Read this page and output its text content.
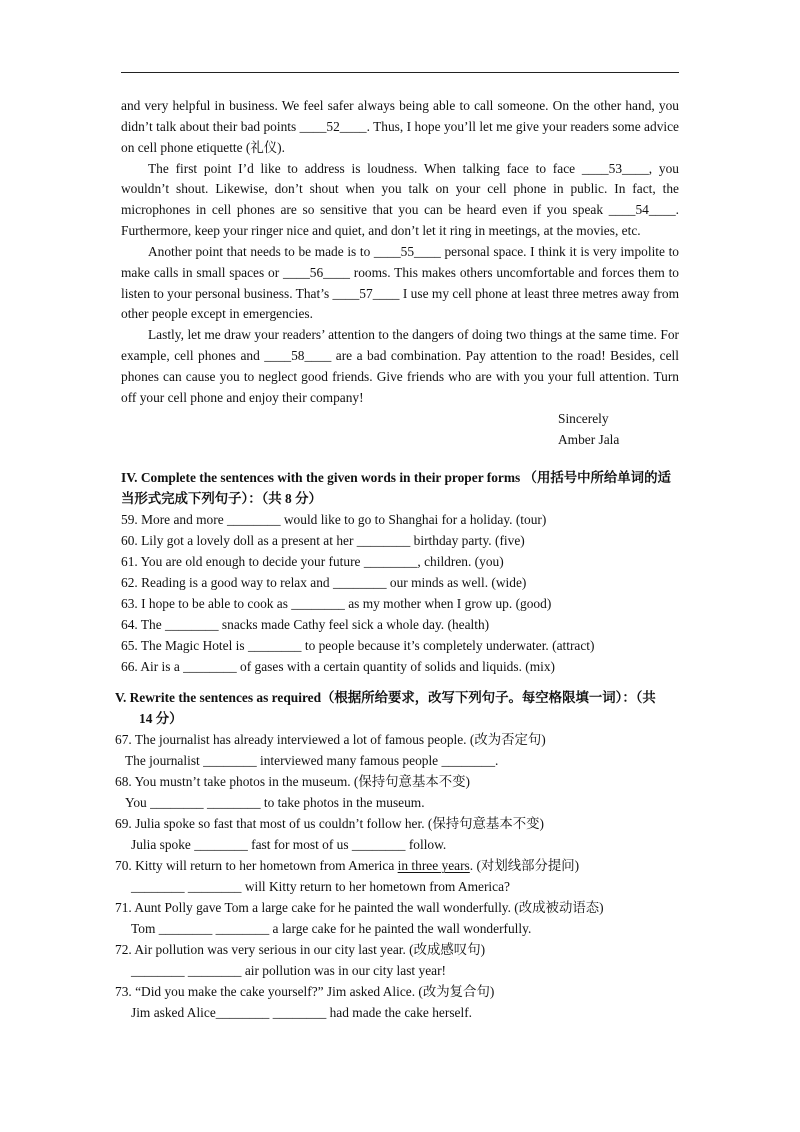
and very helpful in business. We feel safer always being able to call someone. On the other hand, you didn’t talk about their bad points ____52____. Thus, I hope you’ll let me give your readers some advice on cell phone etiquette (礼仪).

The first point I’d like to address is loudness. When talking face to face ____53____, you wouldn’t shout. Likewise, don’t shout when you talk on your cell phone in public. In fact, the microphones in cell phones are so sensitive that you can be heard even if you speak ____54____. Furthermore, keep your ringer nice and quiet, and don’t let it ring in meetings, at the movies, etc.

Another point that needs to be made is to ____55____ personal space. I think it is very impolite to make calls in small spaces or ____56____ rooms. This makes others uncomfortable and forces them to listen to your personal business. That’s ____57____ I use my cell phone at least three metres away from other people except in emergencies.

Lastly, let me draw your readers’ attention to the dangers of doing two things at the same time. For example, cell phones and ____58____ are a bad combination. Pay attention to the road! Besides, cell phones can cause you to neglect good friends. Give friends who are with you your full attention. Turn off your cell phone and enjoy their company!

Sincerely
Amber Jala
IV. Complete the sentences with the given words in their proper forms （用括号中所给单词的适当形式完成下列句子）：（共 8 分）
59. More and more ________ would like to go to Shanghai for a holiday. (tour)
60. Lily got a lovely doll as a present at her ________ birthday party. (five)
61. You are old enough to decide your future ________, children. (you)
62. Reading is a good way to relax and ________ our minds as well. (wide)
63. I hope to be able to cook as ________ as my mother when I grow up. (good)
64. The ________ snacks made Cathy feel sick a whole day. (health)
65. The Magic Hotel is ________ to people because it’s completely underwater. (attract)
66. Air is a ________ of gases with a certain quantity of solids and liquids. (mix)
V. Rewrite the sentences as required（根据所给要求，改写下列句子。每空格限填一词）：（共
14 分）
67. The journalist has already interviewed a lot of famous people. (改为否定句)
The journalist ________ interviewed many famous people ________.
68. You mustn’t take photos in the museum. (保持句意基本不变)
You ________ ________ to take photos in the museum.
69. Julia spoke so fast that most of us couldn’t follow her. (保持句意基本不变)
Julia spoke ________ fast for most of us ________ follow.
70. Kitty will return to her hometown from America in three years. (对划线部分提问)
________ ________ will Kitty return to her hometown from America?
71. Aunt Polly gave Tom a large cake for he painted the wall wonderfully. (改成被动语态)
Tom ________ ________ a large cake for he painted the wall wonderfully.
72. Air pollution was very serious in our city last year. (改成感叹句)
________ ________ air pollution was in our city last year!
73. “Did you make the cake yourself?” Jim asked Alice. (改为复合句)
Jim asked Alice________ ________ had made the cake herself.
